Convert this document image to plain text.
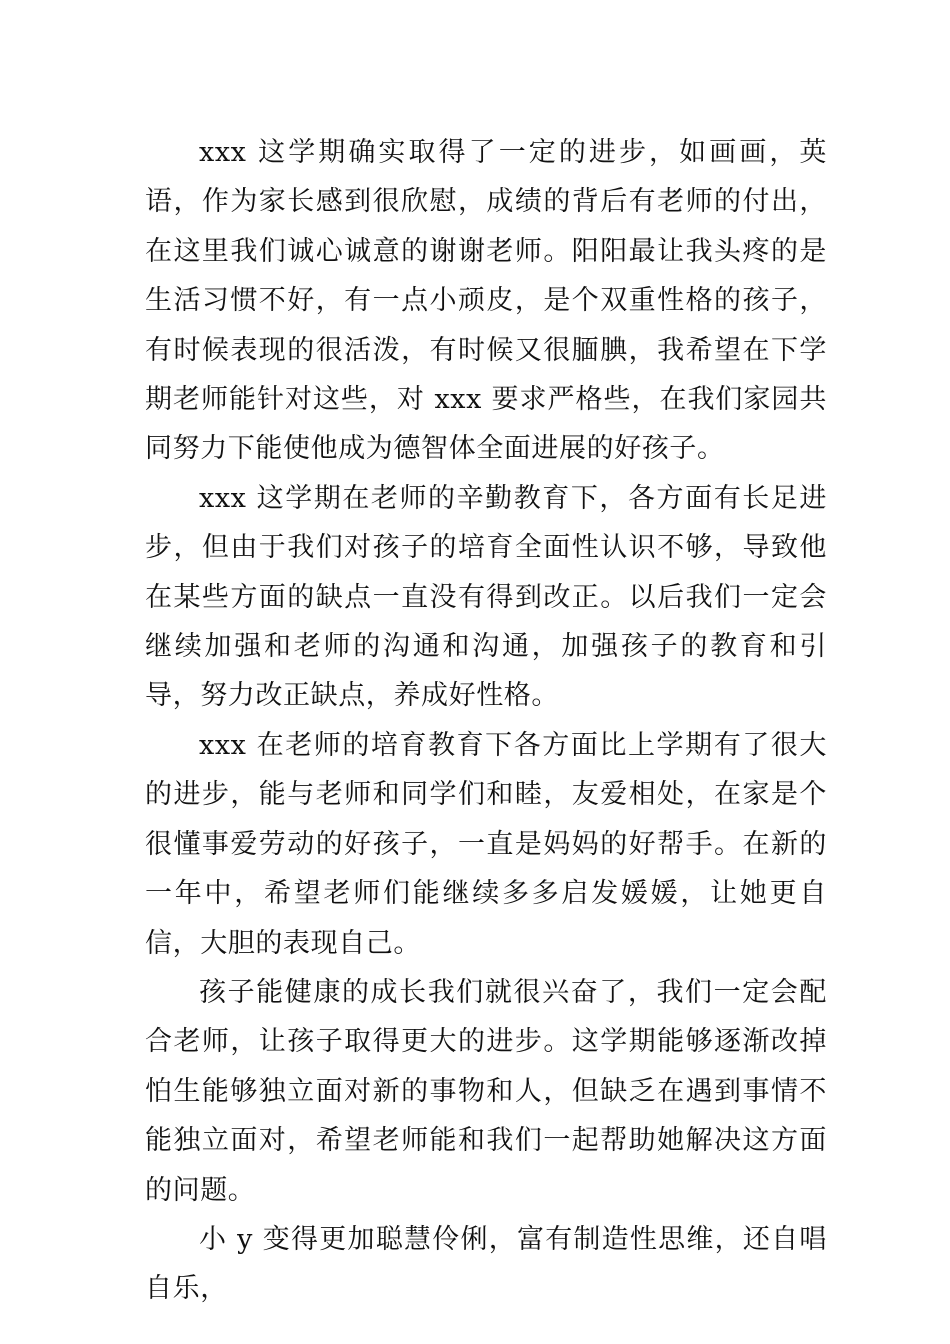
xxx 这学期确实取得了一定的进步，如画画，英语，作为家长感到很欣慰，成绩的背后有老师的付出，在这里我们诚心诚意的谢谢老师。阳阳最让我头疼的是生活习惯不好，有一点小顽皮，是个双重性格的孩子，有时候表现的很活泼，有时候又很腼腆，我希望在下学期老师能针对这些，对 xxx 要求严格些，在我们家园共同努力下能使他成为德智体全面进展的好孩子。

xxx 这学期在老师的辛勤教育下，各方面有长足进步，但由于我们对孩子的培育全面性认识不够，导致他在某些方面的缺点一直没有得到改正。以后我们一定会继续加强和老师的沟通和沟通，加强孩子的教育和引导，努力改正缺点，养成好性格。

xxx 在老师的培育教育下各方面比上学期有了很大的进步，能与老师和同学们和睦，友爱相处，在家是个很懂事爱劳动的好孩子，一直是妈妈的好帮手。在新的一年中，希望老师们能继续多多启发媛媛，让她更自信，大胆的表现自己。

孩子能健康的成长我们就很兴奋了，我们一定会配合老师，让孩子取得更大的进步。这学期能够逐渐改掉怕生能够独立面对新的事物和人，但缺乏在遇到事情不能独立面对，希望老师能和我们一起帮助她解决这方面的问题。

小 y 变得更加聪慧伶俐，富有制造性思维，还自唱自乐，
